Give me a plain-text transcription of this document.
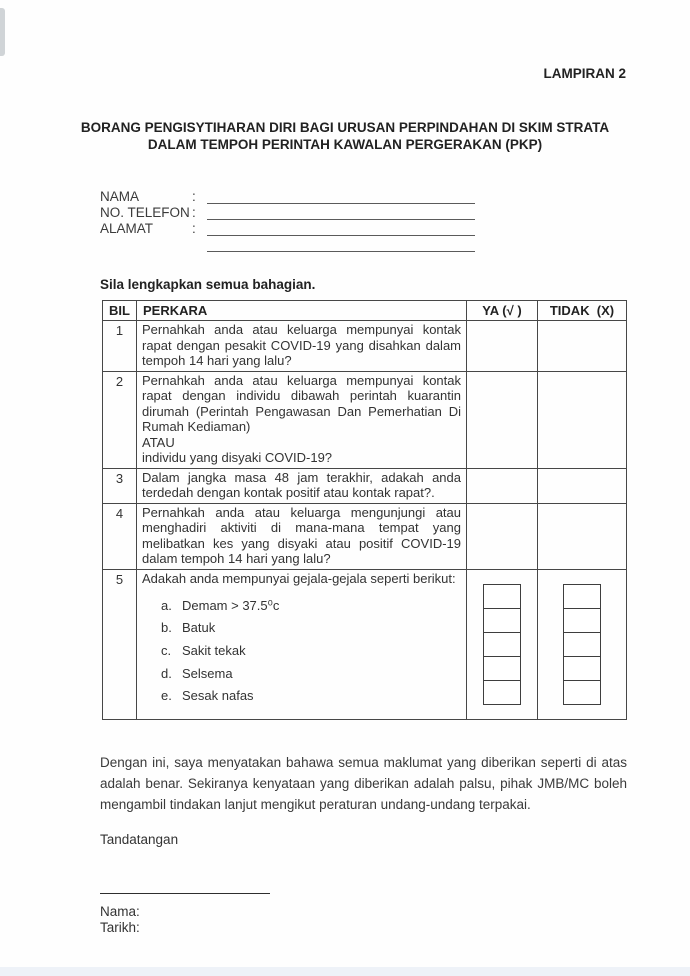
LAMPIRAN 2
BORANG PENGISYTIHARAN DIRI BAGI URUSAN PERPINDAHAN DI SKIM STRATA
DALAM TEMPOH PERINTAH KAWALAN PERGERAKAN (PKP)
NAMA	:
NO. TELEFON :
ALAMAT	:
Sila lengkapkan semua bahagian.
BIL	PERKARA	YA (√ )	TIDAK  (X)
1	Pernahkah anda atau keluarga mempunyai kontak rapat dengan pesakit COVID-19 yang disahkan dalam tempoh 14 hari yang lalu?		
2	Pernahkah anda atau keluarga mempunyai kontak rapat dengan individu dibawah perintah kuarantin dirumah (Perintah Pengawasan Dan Pemerhatian Di Rumah Kediaman)
ATAU
individu yang disyaki COVID-19?		

3	Dalam jangka masa 48 jam terakhir, adakah anda terdedah dengan kontak positif atau kontak rapat?.		
4	Pernahkah anda atau keluarga mengunjungi atau menghadiri aktiviti di mana-mana tempat yang melibatkan kes yang disyaki atau positif COVID-19 dalam tempoh 14 hari yang lalu?		
5	Adakah anda mempunyai gejala-gejala seperti berikut:
a. Demam > 37.5⁰c
b. Batuk
c. Sakit tekak
d. Selsema
e. Sesak nafas

Dengan ini, saya menyatakan bahawa semua maklumat yang diberikan seperti di atas adalah benar. Sekiranya kenyataan yang diberikan adalah palsu, pihak JMB/MC boleh mengambil tindakan lanjut mengikut peraturan undang-undang terpakai.
Tandatangan
Nama:
Tarikh:
